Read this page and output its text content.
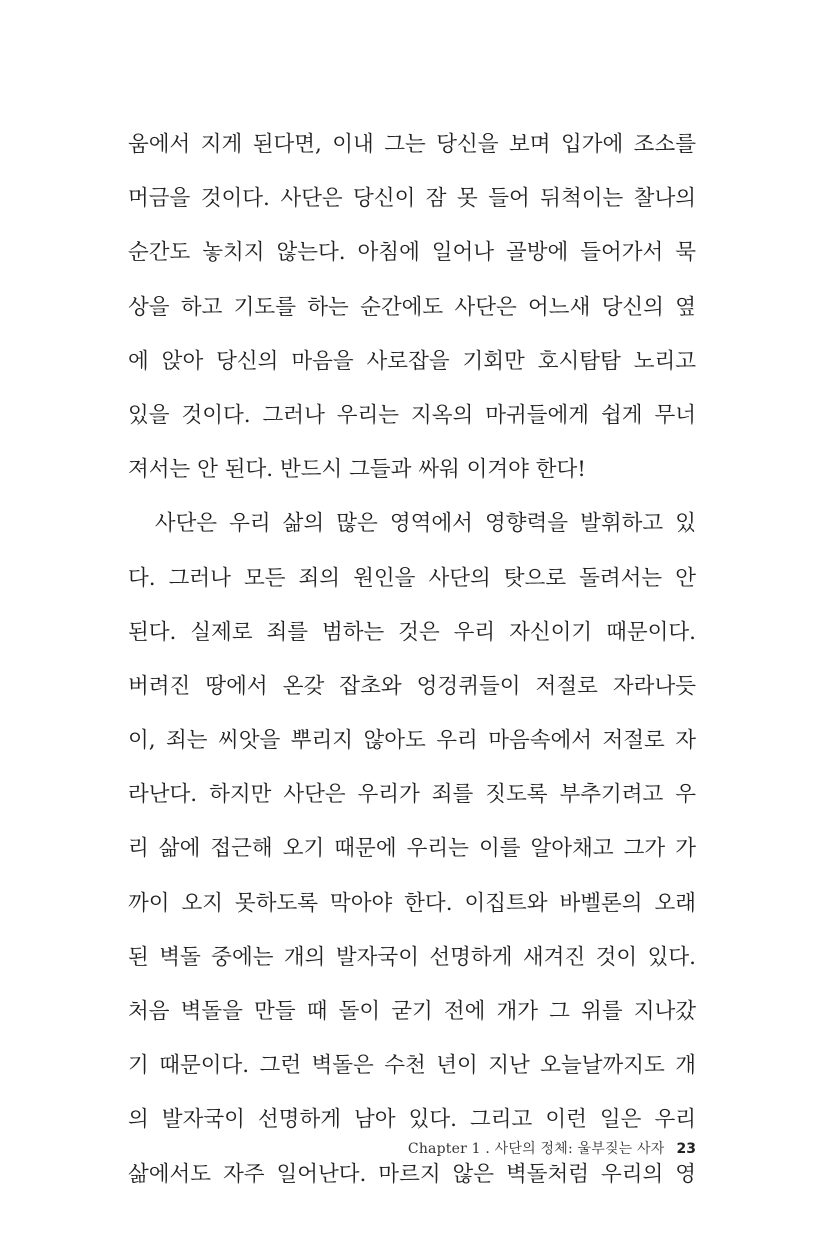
움에서 지게 된다면, 이내 그는 당신을 보며 입가에 조소를
머금을 것이다. 사단은 당신이 잠 못 들어 뒤척이는 찰나의
순간도 놓치지 않는다. 아침에 일어나 골방에 들어가서 묵
상을 하고 기도를 하는 순간에도 사단은 어느새 당신의 옆
에 앉아 당신의 마음을 사로잡을 기회만 호시탐탐 노리고
있을 것이다. 그러나 우리는 지옥의 마귀들에게 쉽게 무너
져서는 안 된다. 반드시 그들과 싸워 이겨야 한다!
　사단은 우리 삶의 많은 영역에서 영향력을 발휘하고 있
다. 그러나 모든 죄의 원인을 사단의 탓으로 돌려서는 안
된다. 실제로 죄를 범하는 것은 우리 자신이기 때문이다.
버려진 땅에서 온갖 잡초와 엉겅퀴들이 저절로 자라나듯
이, 죄는 씨앗을 뿌리지 않아도 우리 마음속에서 저절로 자
라난다. 하지만 사단은 우리가 죄를 짓도록 부추기려고 우
리 삶에 접근해 오기 때문에 우리는 이를 알아채고 그가 가
까이 오지 못하도록 막아야 한다. 이집트와 바벨론의 오래
된 벽돌 중에는 개의 발자국이 선명하게 새겨진 것이 있다.
처음 벽돌을 만들 때 돌이 굳기 전에 개가 그 위를 지나갔
기 때문이다. 그런 벽돌은 수천 년이 지난 오늘날까지도 개
의 발자국이 선명하게 남아 있다. 그리고 이런 일은 우리
삶에서도 자주 일어난다. 마르지 않은 벽돌처럼 우리의 영
Chapter 1 . 사단의 정체: 울부짖는 사자 23
